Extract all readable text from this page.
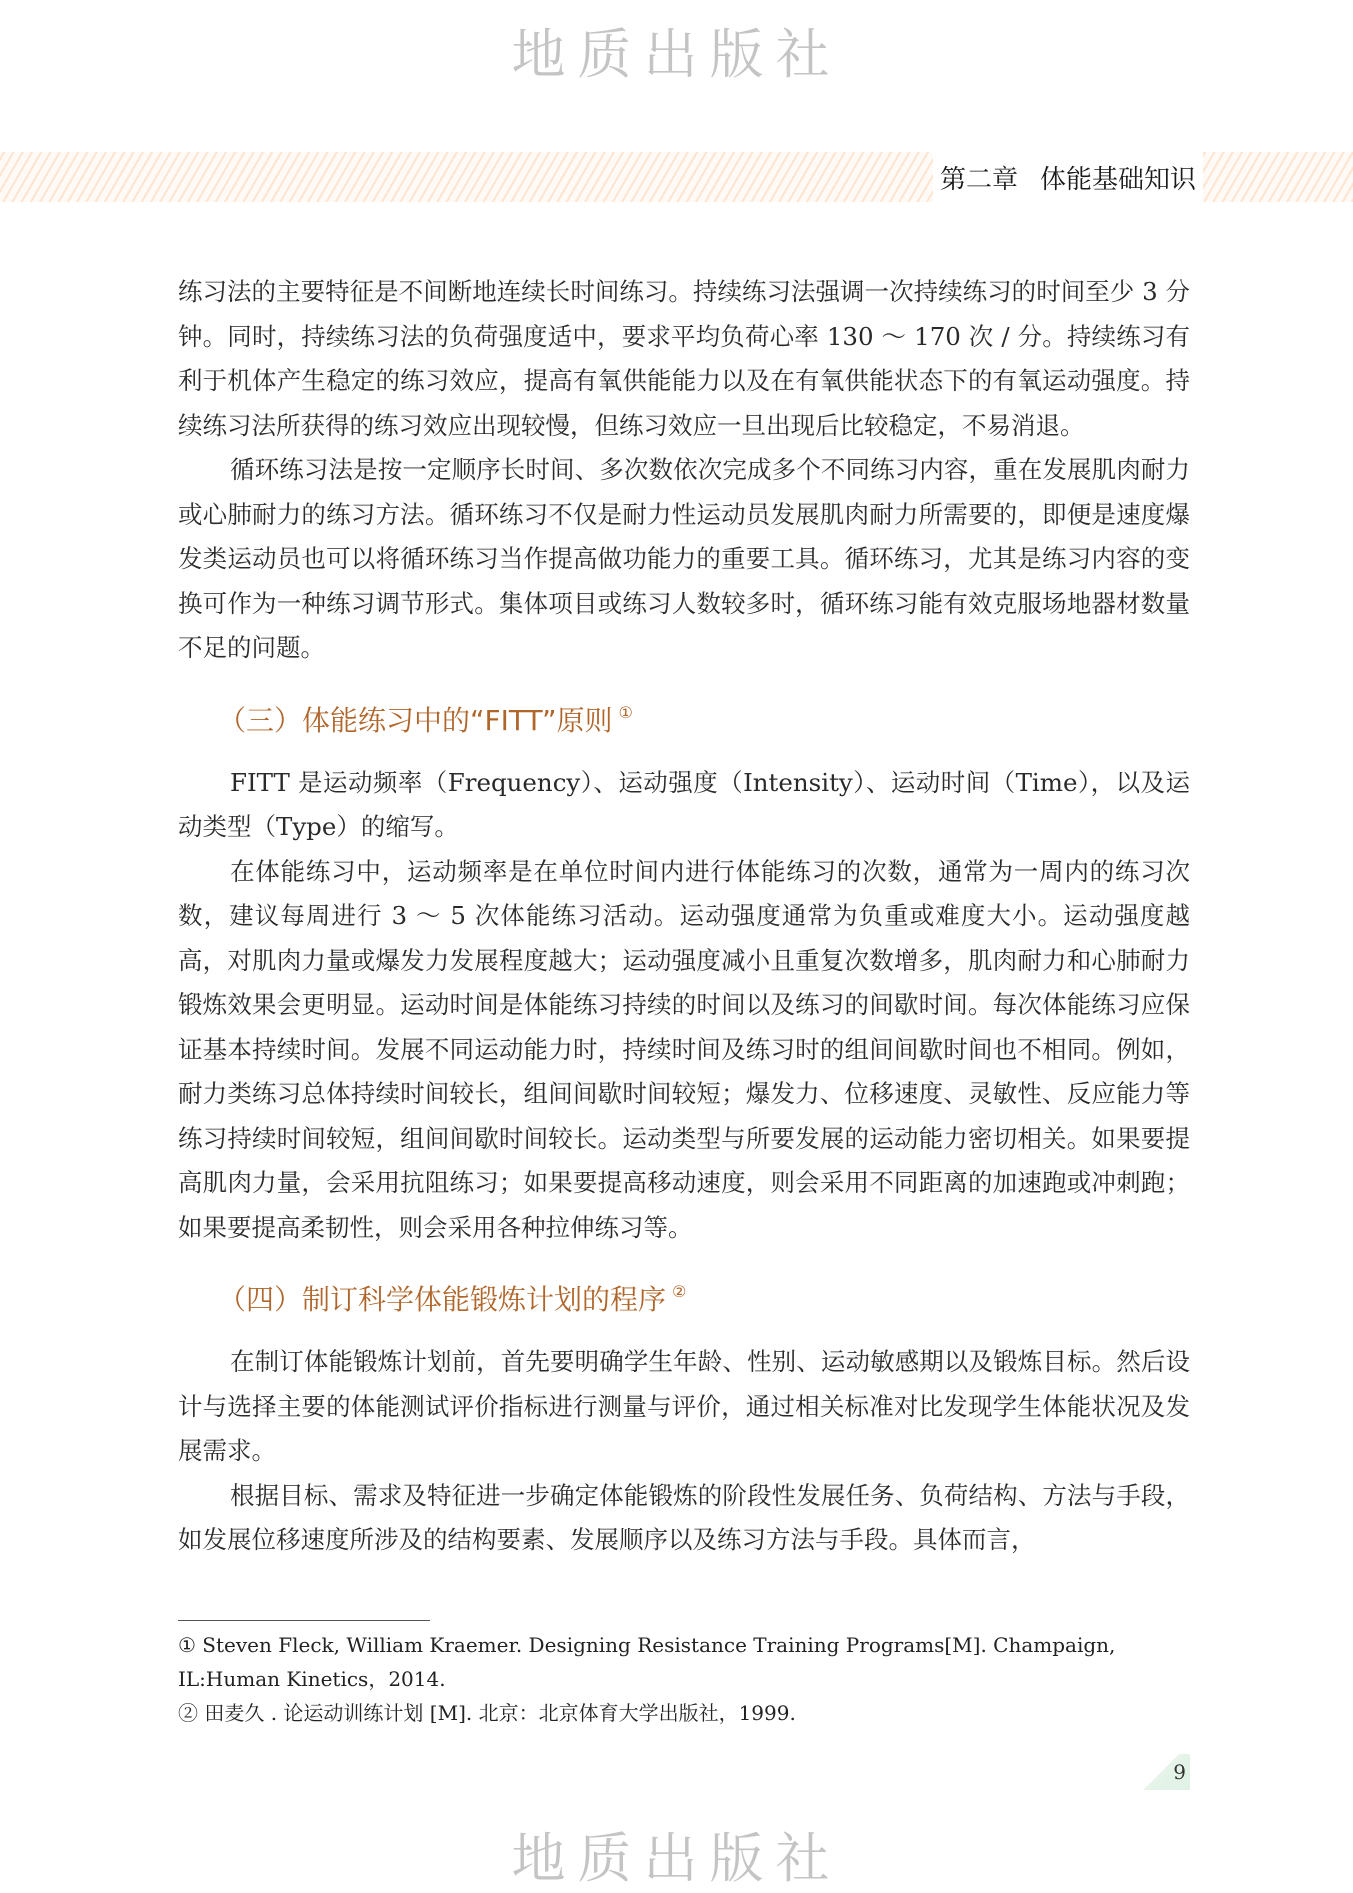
地质出版社
第二章 体能基础知识

练习法的主要特征是不间断地连续长时间练习。持续练习法强调一次持续练习的时间至少 3 分钟。同时，持续练习法的负荷强度适中，要求平均负荷心率 130 ～ 170 次 / 分。持续练习有利于机体产生稳定的练习效应，提高有氧供能能力以及在有氧供能状态下的有氧运动强度。持续练习法所获得的练习效应出现较慢，但练习效应一旦出现后比较稳定，不易消退。

循环练习法是按一定顺序长时间、多次数依次完成多个不同练习内容，重在发展肌肉耐力或心肺耐力的练习方法。循环练习不仅是耐力性运动员发展肌肉耐力所需要的，即便是速度爆发类运动员也可以将循环练习当作提高做功能力的重要工具。循环练习，尤其是练习内容的变换可作为一种练习调节形式。集体项目或练习人数较多时，循环练习能有效克服场地器材数量不足的问题。

（三）体能练习中的“FITT”原则 ①

FITT 是运动频率（Frequency）、运动强度（Intensity）、运动时间（Time），以及运动类型（Type）的缩写。

在体能练习中，运动频率是在单位时间内进行体能练习的次数，通常为一周内的练习次数，建议每周进行 3 ～ 5 次体能练习活动。运动强度通常为负重或难度大小。运动强度越高，对肌肉力量或爆发力发展程度越大；运动强度减小且重复次数增多，肌肉耐力和心肺耐力锻炼效果会更明显。运动时间是体能练习持续的时间以及练习的间歇时间。每次体能练习应保证基本持续时间。发展不同运动能力时，持续时间及练习时的组间间歇时间也不相同。例如，耐力类练习总体持续时间较长，组间间歇时间较短；爆发力、位移速度、灵敏性、反应能力等练习持续时间较短，组间间歇时间较长。运动类型与所要发展的运动能力密切相关。如果要提高肌肉力量，会采用抗阻练习；如果要提高移动速度，则会采用不同距离的加速跑或冲刺跑；如果要提高柔韧性，则会采用各种拉伸练习等。

（四）制订科学体能锻炼计划的程序 ②

在制订体能锻炼计划前，首先要明确学生年龄、性别、运动敏感期以及锻炼目标。然后设计与选择主要的体能测试评价指标进行测量与评价，通过相关标准对比发现学生体能状况及发展需求。

根据目标、需求及特征进一步确定体能锻炼的阶段性发展任务、负荷结构、方法与手段，如发展位移速度所涉及的结构要素、发展顺序以及练习方法与手段。具体而言，

① Steven Fleck, William Kraemer. Designing Resistance Training Programs[M]. Champaign, IL:Human Kinetics，2014.

② 田麦久 . 论运动训练计划 [M]. 北京：北京体育大学出版社，1999.

9
地质出版社
